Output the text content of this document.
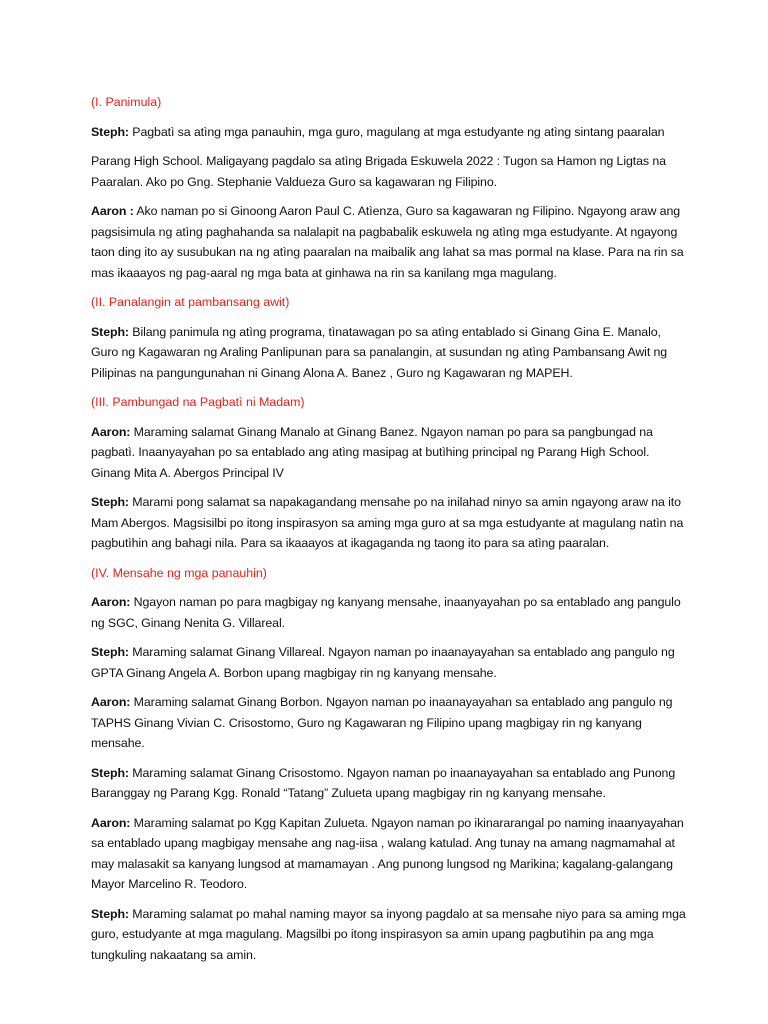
(I. Panimula)

Steph: Pagbatì sa atìng mga panauhin, mga guro, magulang at mga estudyante ng atìng sintang paaralan

Parang High School. Maligayang pagdalo sa atìng Brigada Eskuwela 2022 : Tugon sa Hamon ng Ligtas na Paaralan. Ako po Gng. Stephanie Valdueza Guro sa kagawaran ng Filipino.

Aaron : Ako naman po si Ginoong Aaron Paul C. Atìenza, Guro sa kagawaran ng Filipino. Ngayong araw ang pagsisimula ng atìng paghahanda sa nalalapit na pagbabalik eskuwela ng atìng mga estudyante. At ngayong taon ding ito ay susubukan na ng atìng paaralan na maibalik ang lahat sa mas pormal na klase. Para na rin sa mas ikaaayos ng pag-aaral ng mga bata at ginhawa na rin sa kanilang mga magulang.

(II. Panalangin at pambansang awit)

Steph: Bilang panimula ng atìng programa, tìnatawagan po sa atìng entablado si Ginang Gina E. Manalo, Guro ng Kagawaran ng Araling Panlipunan para sa panalangin, at susundan ng atìng Pambansang Awit ng Pilipinas na pangungunahan ni Ginang Alona A. Banez , Guro ng Kagawaran ng MAPEH.

(III. Pambungad na Pagbatì ni Madam)

Aaron: Maraming salamat Ginang Manalo at Ginang Banez. Ngayon naman po para sa pangbungad na pagbatì. Inaanyayahan po sa entablado ang atìng masipag at butìhing principal ng Parang High School. Ginang Mita A. Abergos Principal IV

Steph: Marami pong salamat sa napakagandang mensahe po na inilahad ninyo sa amin ngayong araw na ito Mam Abergos. Magsisilbi po itong inspirasyon sa aming mga guro at sa mga estudyante at magulang natìn na pagbutìhin ang bahagi nila. Para sa ikaaayos at ikagaganda ng taong ito para sa atìng paaralan.

(IV. Mensahe ng mga panauhin)

Aaron: Ngayon naman po para magbigay ng kanyang mensahe, inaanyayahan po sa entablado ang pangulo ng SGC, Ginang Nenita G. Villareal.

Steph: Maraming salamat Ginang Villareal. Ngayon naman po inaanayayahan sa entablado ang pangulo ng GPTA Ginang Angela A. Borbon upang magbigay rin ng kanyang mensahe.

Aaron: Maraming salamat Ginang Borbon. Ngayon naman po inaanayayahan sa entablado ang pangulo ng TAPHS Ginang Vivian C. Crisostomo, Guro ng Kagawaran ng Filipino upang magbigay rin ng kanyang mensahe.

Steph: Maraming salamat Ginang Crisostomo. Ngayon naman po inaanayayahan sa entablado ang Punong Baranggay ng Parang Kgg. Ronald “Tatang” Zulueta upang magbigay rin ng kanyang mensahe.

Aaron: Maraming salamat po Kgg Kapitan Zulueta. Ngayon naman po ikinararangal po naming inaanyayahan sa entablado upang magbigay mensahe ang nag-iisa , walang katulad. Ang tunay na amang nagmamahal at may malasakit sa kanyang lungsod at mamamayan . Ang punong lungsod ng Marikina; kagalang-galangang Mayor Marcelino R. Teodoro.

Steph: Maraming salamat po mahal naming mayor sa inyong pagdalo at sa mensahe niyo para sa aming mga guro, estudyante at mga magulang. Magsilbi po itong inspirasyon sa amin upang pagbutìhin pa ang mga tungkuling nakaatang sa amin.
